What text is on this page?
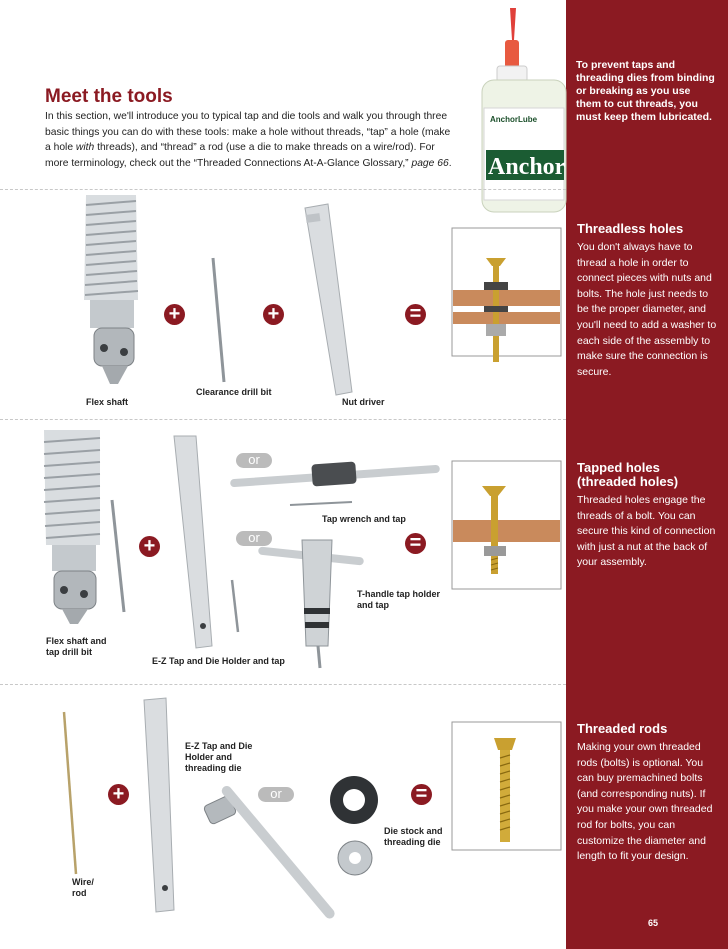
AnchorLube
Anchor
Meet the tools
In this section, we'll introduce you to typical tap and die tools and walk you through three basic things you can do with these tools: make a hole without threads, “tap” a hole (make a hole with threads), and “thread” a rod (use a die to make threads on a wire/rod). For more terminology, check out the “Threaded Connections At-A-Glance Glossary,” page 66.
To prevent taps and threading dies from binding or breaking as you use them to cut threads, you must keep them lubricated.
Threadless holes
You don't always have to thread a hole in order to connect pieces with nuts and bolts. The hole just needs to be the proper diameter, and you'll need to add a washer to each side of the assembly to make sure the connection is secure.
Tapped holes (threaded holes)
Threaded holes engage the threads of a bolt. You can secure this kind of connection with just a nut at the back of your assembly.
Threaded rods
Making your own threaded rods (bolts) is optional. You can buy premachined bolts (and corresponding nuts). If you make your own threaded rod for bolts, you can customize the diameter and length to fit your design.
65
+	+	=
Flex shaft
Clearance drill bit
Nut driver
or
or
+	=
Tap wrench and tap
T-handle tap holder
and tap
Flex shaft and
tap drill bit
E-Z Tap and Die Holder and tap
+	or	=
E-Z Tap and Die
Holder and
threading die
Die stock and
threading die
Wire/
rod
